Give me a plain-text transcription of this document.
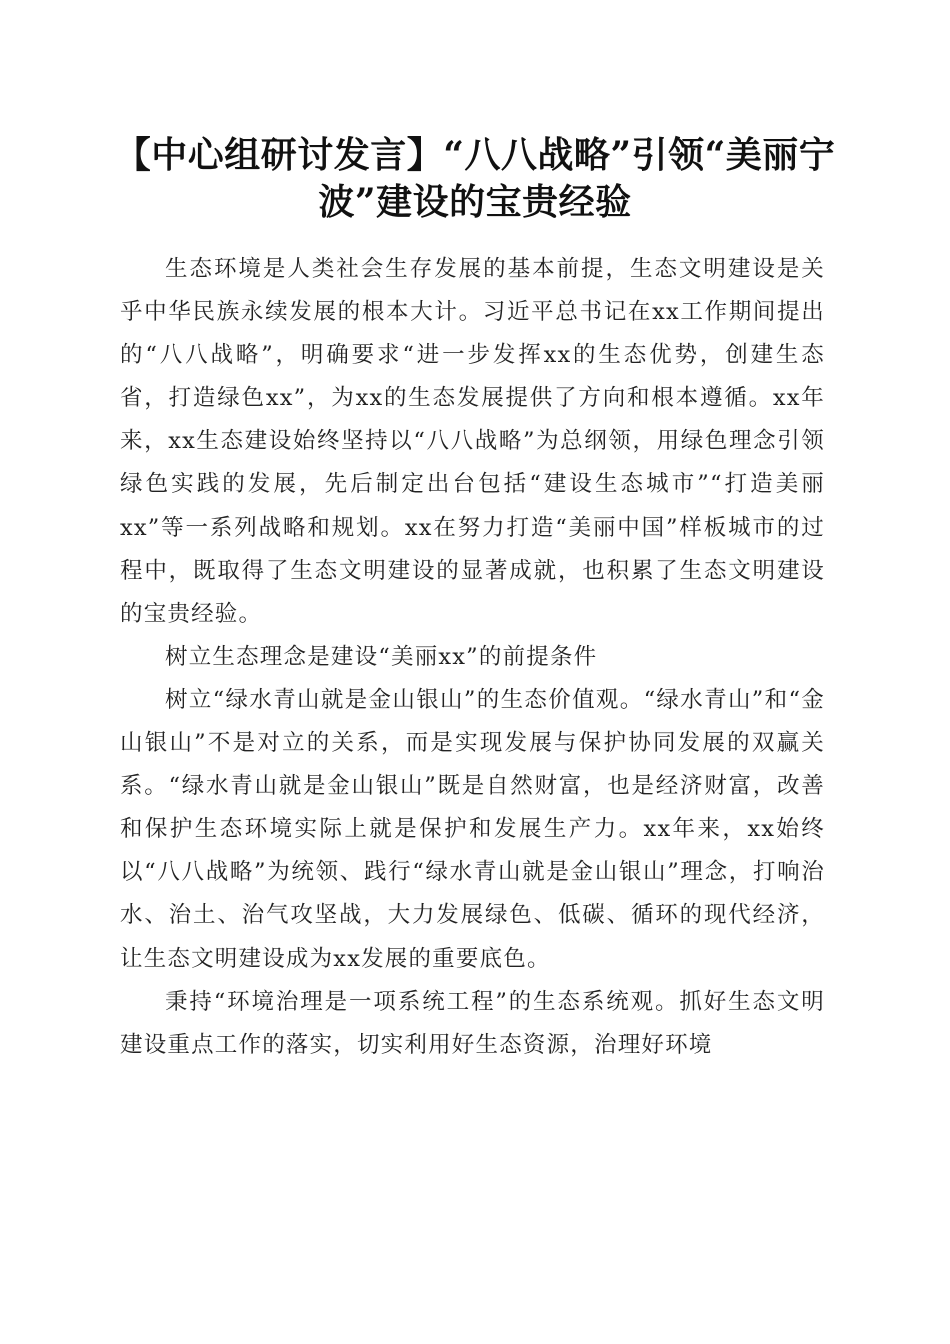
【中心组研讨发言】“八八战略”引领“美丽宁波”建设的宝贵经验

生态环境是人类社会生存发展的基本前提，生态文明建设是关乎中华民族永续发展的根本大计。习近平总书记在xx工作期间提出的“八八战略”，明确要求“进一步发挥xx的生态优势，创建生态省，打造绿色xx”，为xx的生态发展提供了方向和根本遵循。xx年来，xx生态建设始终坚持以“八八战略”为总纲领，用绿色理念引领绿色实践的发展，先后制定出台包括“建设生态城市”“打造美丽xx”等一系列战略和规划。xx在努力打造“美丽中国”样板城市的过程中，既取得了生态文明建设的显著成就，也积累了生态文明建设的宝贵经验。

树立生态理念是建设“美丽xx”的前提条件

树立“绿水青山就是金山银山”的生态价值观。“绿水青山”和“金山银山”不是对立的关系，而是实现发展与保护协同发展的双赢关系。“绿水青山就是金山银山”既是自然财富，也是经济财富，改善和保护生态环境实际上就是保护和发展生产力。xx年来，xx始终以“八八战略”为统领、践行“绿水青山就是金山银山”理念，打响治水、治土、治气攻坚战，大力发展绿色、低碳、循环的现代经济，让生态文明建设成为xx发展的重要底色。

秉持“环境治理是一项系统工程”的生态系统观。抓好生态文明建设重点工作的落实，切实利用好生态资源，治理好环境
